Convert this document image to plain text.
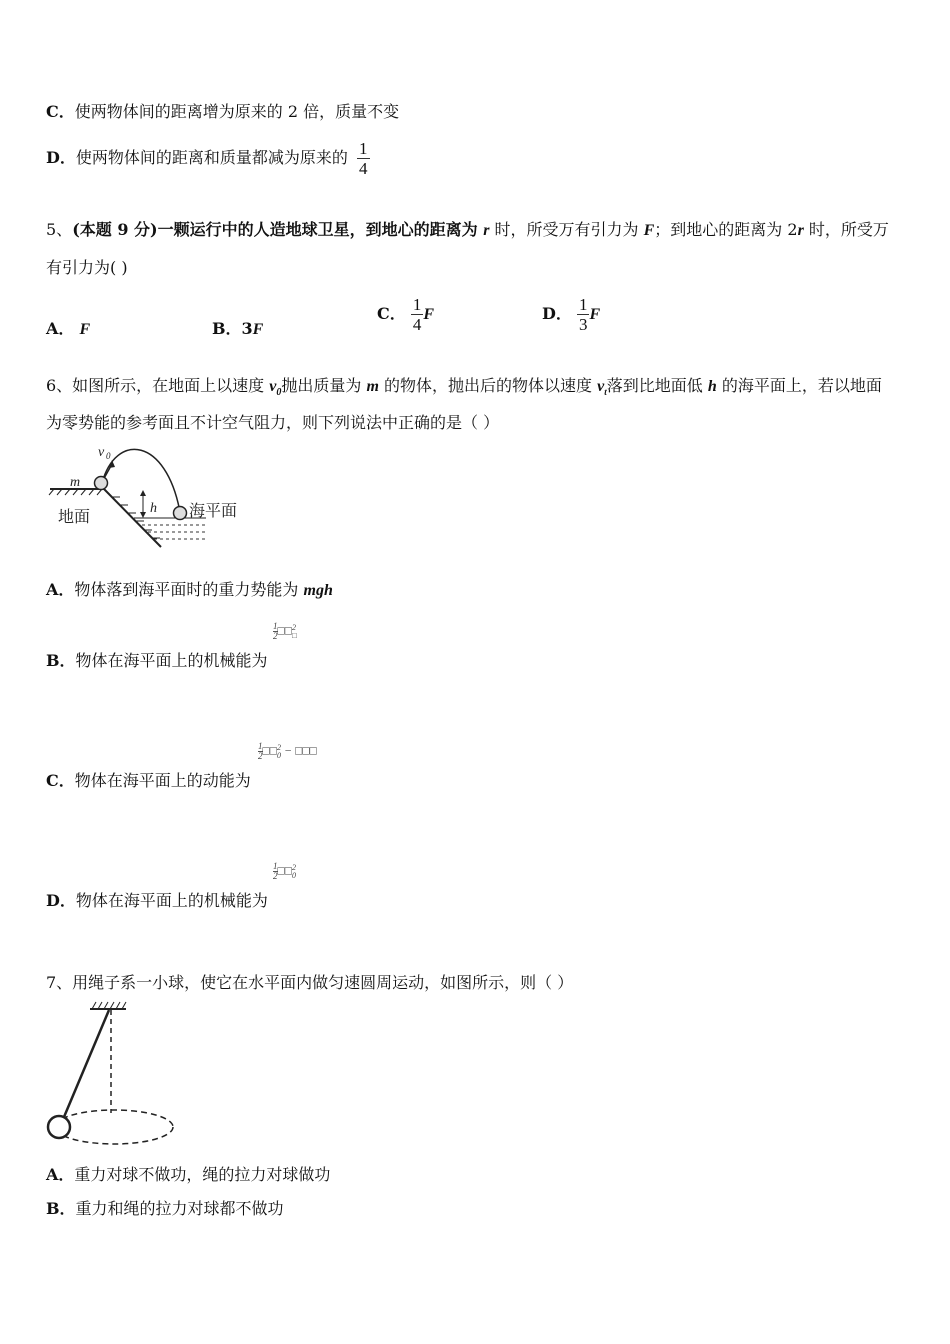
C．使两物体间的距离增为原来的 2 倍，质量不变
D．使两物体间的距离和质量都减为原来的 $\frac{1}{4}$
5、(本题 9 分)一颗运行中的人造地球卫星，到地心的距离为 r 时，所受万有引力为 F；到地心的距离为 2r 时，所受万
有引力为( )
A． F	B．3F
C． $\frac{1}{4}$ F	D． $\frac{1}{3}$ F
6、如图所示，在地面上以速度 $v_0$抛出质量为 m 的物体，抛出后的物体以速度 $v_t$落到比地面低 h 的海平面上，若以地面
为零势能的参考面且不计空气阻力，则下列说法中正确的是（ ）
m
v 0
h
地面	海平面
A．物体落到海平面时的重力势能为 mgh
$\frac{1}{2}$ □□ 2
□
B．物体在海平面上的机械能为
$\frac{1}{2}$ □□ 2
0 − □□□
C．物体在海平面上的动能为
$\frac{1}{2}$ □□ 2
0
D．物体在海平面上的机械能为
7、用绳子系一小球，使它在水平面内做匀速圆周运动，如图所示，则（ ）
A．重力对球不做功，绳的拉力对球做功
B．重力和绳的拉力对球都不做功
